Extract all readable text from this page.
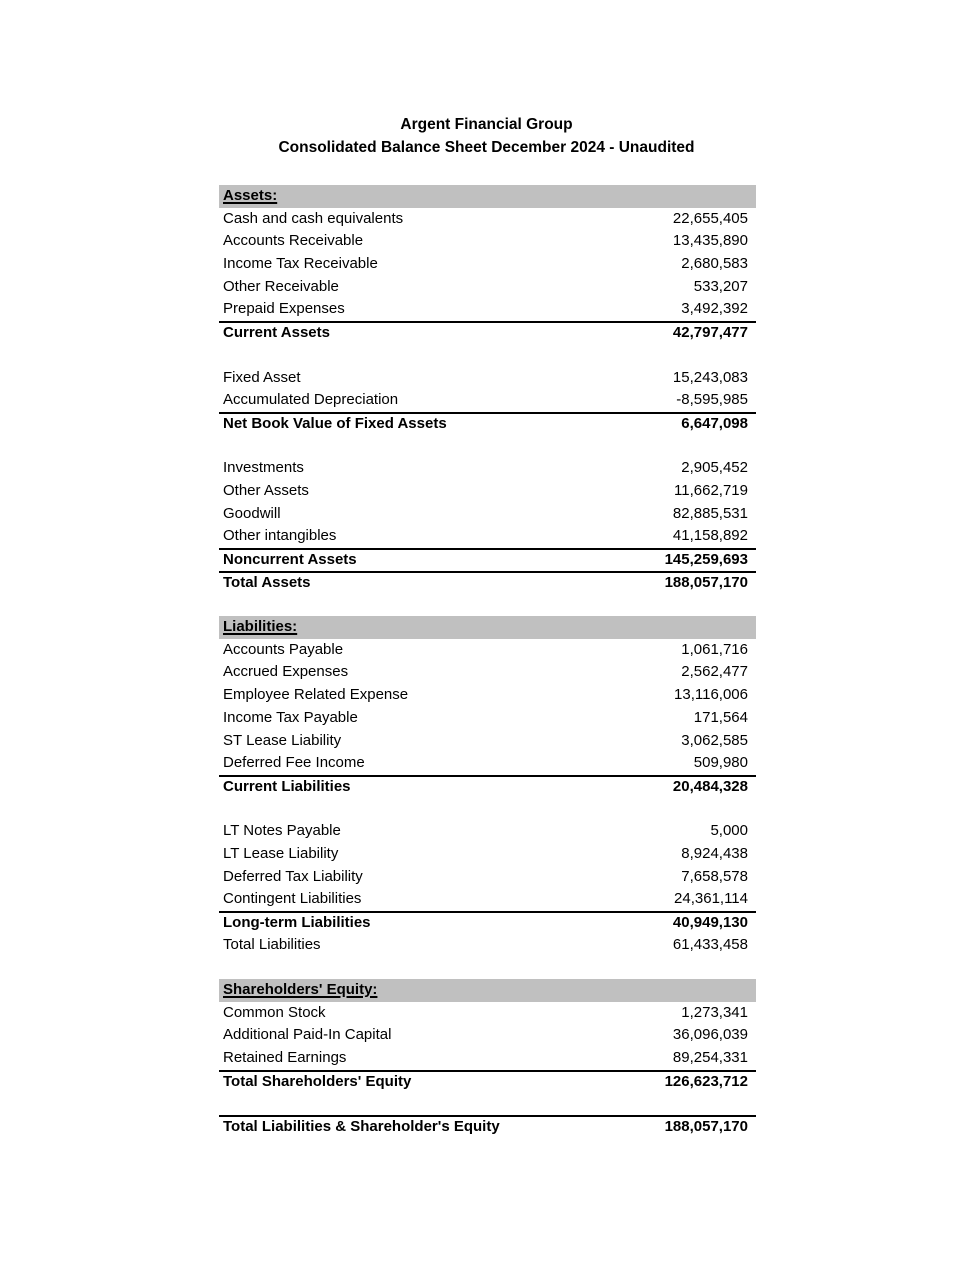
Argent Financial Group
Consolidated Balance Sheet December 2024 - Unaudited
Assets:
Cash and cash equivalents	22,655,405
Accounts Receivable	13,435,890
Income Tax Receivable	2,680,583
Other Receivable	533,207
Prepaid Expenses	3,492,392
Current Assets	42,797,477
Fixed Asset	15,243,083
Accumulated Depreciation	-8,595,985
Net Book Value of Fixed Assets	6,647,098
Investments	2,905,452
Other Assets	11,662,719
Goodwill	82,885,531
Other intangibles	41,158,892
Noncurrent Assets	145,259,693
Total Assets	188,057,170
Liabilities:
Accounts Payable	1,061,716
Accrued Expenses	2,562,477
Employee Related Expense	13,116,006
Income Tax Payable	171,564
ST Lease Liability	3,062,585
Deferred Fee Income	509,980
Current Liabilities	20,484,328
LT Notes Payable	5,000
LT Lease Liability	8,924,438
Deferred Tax Liability	7,658,578
Contingent Liabilities	24,361,114
Long-term Liabilities	40,949,130
Total Liabilities	61,433,458
Shareholders' Equity:
Common Stock	1,273,341
Additional Paid-In Capital	36,096,039
Retained Earnings	89,254,331
Total Shareholders' Equity	126,623,712
Total Liabilities & Shareholder's Equity	188,057,170
